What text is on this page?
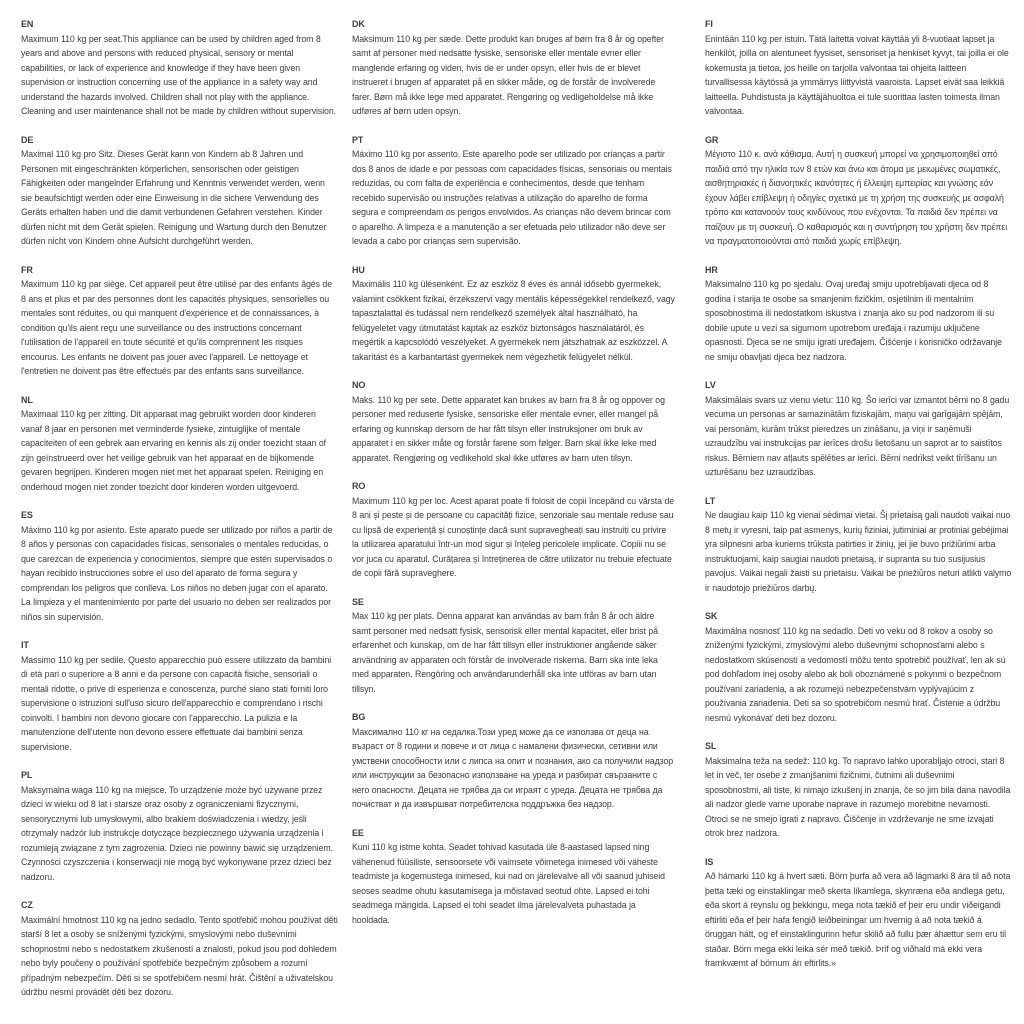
EN

Maximum 110 kg per seat.This appliance can be used by children aged from 8 years and above and persons with reduced physical, sensory or mental capabilities, or lack of experience and knowledge if they have been given supervision or instruction concerning use of the appliance in a safety way and understand the hazards involved. Children shall not play with the appliance. Cleaning and user maintenance shall not be made by children without supervision.

DE

Maximal 110 kg pro Sitz. Dieses Gerät kann von Kindern ab 8 Jahren und Personen mit eingeschränkten körperlichen, sensorischen oder geistigen Fähigkeiten oder mangelnder Erfahrung und Kenntnis verwendet werden, wenn sie beaufsichtigt werden oder eine Einweisung in die sichere Verwendung des Geräts erhalten haben und die damit verbundenen Gefahren verstehen. Kinder dürfen nicht mit dem Gerät spielen. Reinigung und Wartung durch den Benutzer dürfen nicht von Kindern ohne Aufsicht durchgeführt werden.

FR

Maximum 110 kg par siège. Cet appareil peut être utilisé par des enfants âgés de 8 ans et plus et par des personnes dont les capacités physiques, sensorielles ou mentales sont réduites, ou qui manquent d'expérience et de connaissances, à condition qu'ils aient reçu une surveillance ou des instructions concernant l'utilisation de l'appareil en toute sécurité et qu'ils comprennent les risques encourus. Les enfants ne doivent pas jouer avec l'appareil. Le nettoyage et l'entretien ne doivent pas être effectués par des enfants sans surveillance.

NL

Maximaal 110 kg per zitting. Dit apparaat mag gebruikt worden door kinderen vanaf 8 jaar en personen met verminderde fysieke, zintuiglijke of mentale capaciteiten of een gebrek aan ervaring en kennis als zij onder toezicht staan of zijn geïnstrueerd over het veilige gebruik van het apparaat en de bijkomende gevaren begrijpen. Kinderen mogen niet met het apparaat spelen. Reiniging en onderhoud mogen niet zonder toezicht door kinderen worden uitgevoerd.

ES

Máximo 110 kg por asiento. Este aparato puede ser utilizado por niños a partir de 8 años y personas con capacidades físicas, sensoriales o mentales reducidas, o que carezcan de experiencia y conocimientos, siempre que estén supervisados o hayan recibido instrucciones sobre el uso del aparato de forma segura y comprendan los peligros que conlleva. Los niños no deben jugar con el aparato. La limpieza y el mantenimiento por parte del usuario no deben ser realizados por niños sin supervisión.

IT

Massimo 110 kg per sedile. Questo apparecchio può essere utilizzato da bambini di età pari o superiore a 8 anni e da persone con capacità fisiche, sensoriali o mentali ridotte, o prive di esperienza e conoscenza, purché siano stati forniti loro supervisione o istruzioni sull'uso sicuro dell'apparecchio e comprendano i rischi coinvolti. I bambini non devono giocare con l'apparecchio. La pulizia e la manutenzione dell'utente non devono essere effettuate dai bambini senza supervisione.

PL

Maksymalna waga 110 kg na miejsce. To urządzenie może być używane przez dzieci w wieku od 8 lat i starsze oraz osoby z ograniczeniami fizycznymi, sensorycznymi lub umysłowymi, albo brakiem doświadczenia i wiedzy, jeśli otrzymały nadzór lub instrukcje dotyczące bezpiecznego używania urządzenia i rozumieją związane z tym zagrożenia. Dzieci nie powinny bawić się urządzeniem. Czynności czyszczenia i konserwacji nie mogą być wykonywane przez dzieci bez nadzoru.

CZ

Maximální hmotnost 110 kg na jedno sedadlo. Tento spotřebič mohou používat děti starší 8 let a osoby se sníženými fyzickými, smyslovými nebo duševními schopnostmi nebo s nedostatkem zkušeností a znalostí, pokud jsou pod dohledem nebo byly poučeny o používání spotřebiče bezpečným způsobem a rozumí případným nebezpečím. Děti si se spotřebičem nesmí hrát. Čištění a uživatelskou údržbu nesmí provádět děti bez dozoru.

DK

Maksimum 110 kg per sæde. Dette produkt kan bruges af børn fra 8 år og opefter samt af personer med nedsatte fysiske, sensoriske eller mentale evner eller manglende erfaring og viden, hvis de er under opsyn, eller hvis de er blevet instrueret i brugen af apparatet på en sikker måde, og de forstår de involverede farer. Børn må ikke lege med apparatet. Rengøring og vedligeholdelse må ikke udføres af børn uden opsyn.

PT

Máximo 110 kg por assento. Este aparelho pode ser utilizado por crianças a partir dos 8 anos de idade e por pessoas com capacidades físicas, sensoriais ou mentais reduzidas, ou com falta de experiência e conhecimentos, desde que tenham recebido supervisão ou instruções relativas à utilização do aparelho de forma segura e compreendam os perigos envolvidos. As crianças não devem brincar com o aparelho. A limpeza e a manutenção a ser efetuada pelo utilizador não deve ser levada a cabo por crianças sem supervisão.

HU

Maximális 110 kg ülésenként. Ez az eszköz 8 éves és annál idősebb gyermekek, valamint csökkent fizikai, érzékszervi vagy mentális képességekkel rendelkező, vagy tapasztalattal és tudással nem rendelkező személyek által használható, ha felügyeletet vagy útmutatást kaptak az eszköz biztonságos használatáról, és megértik a kapcsolódó veszélyeket. A gyermekek nem játszhatnak az eszközzel. A takarítást és a karbantartást gyermekek nem végezhetik felügyelet nélkül.

NO

Maks. 110 kg per sete. Dette apparatet kan brukes av barn fra 8 år og oppover og personer med reduserte fysiske, sensoriske eller mentale evner, eller mangel på erfaring og kunnskap dersom de har fått tilsyn eller instruksjoner om bruk av apparatet i en sikker måte og forstår farene som følger. Barn skal ikke leke med apparatet. Rengjøring og vedlikehold skal ikke utføres av barn uten tilsyn.

RO

Maximum 110 kg per loc. Acest aparat poate fi folosit de copii începând cu vârsta de 8 ani și peste și de persoane cu capacități fizice, senzoriale sau mentale reduse sau cu lipsă de experiență și cunoștințe dacă sunt supravegheați sau instruiți cu privire la utilizarea aparatului într-un mod sigur și înțeleg pericolele implicate. Copiii nu se vor juca cu aparatul. Curățarea și întreținerea de către utilizator nu trebuie efectuate de copii fără supraveghere.

SE

Max 110 kg per plats. Denna apparat kan användas av barn från 8 år och äldre samt personer med nedsatt fysisk, sensorisk eller mental kapacitet, eller brist på erfarenhet och kunskap, om de har fått tillsyn eller instruktioner angående säker användning av apparaten och förstår de involverade riskerna. Barn ska inte leka med apparaten. Rengöring och användarunderhåll ska inte utföras av barn utan tillsyn.

BG

Максимално 110 кг на седалка.Този уред може да се използва от деца на възраст от 8 години и повече и от лица с намалени физически, сетивни или умствени способности или с липса на опит и познания, ако са получили надзор или инструкции за безопасно използване на уреда и разбират свързаните с него опасности. Децата не трябва да си играят с уреда. Децата не трябва да почистват и да извършват потребителска поддръжка без надзор.

EE

Kuni 110 kg istme kohta. Seadet tohivad kasutada üle 8-aastased lapsed ning vähenenud füüsiliste, sensoorsete või vaimsete võimetega inimesed või väheste teadmiste ja kogemustega inimesed, kui nad on järelevalve all või saanud juhiseid seoses seadme ohutu kasutamisega ja mõistavad seotud ohte. Lapsed ei tohi seadmega mängida. Lapsed ei tohi seadet ilma järelevalveta puhastada ja hooldada.

FI

Enintään 110 kg per istuin. Tätä laitetta voivat käyttää yli 8-vuotiaat lapset ja henkilöt, joilla on alentuneet fyysiset, sensoriset ja henkiset kyvyt, tai joilla ei ole kokemusta ja tietoa, jos heille on tarjolla valvontaa tai ohjeita laitteen turvallisessa käytössä ja ymmärrys liittyvistä vaaroista. Lapset eivät saa leikkiä laitteella. Puhdistusta ja käyttäjähuoltoa ei tule suorittaa lasten toimesta ilman valvontaa.

GR

Μέγιστο 110 κ. ανά κάθισμα. Αυτή η συσκευή μπορεί να χρησιμοποιηθεί από παιδιά από την ηλικία των 8 ετών και άνω και άτομα με μειωμένες σωματικές, αισθητηριακές ή διανοητικές ικανότητες ή έλλειψη εμπειρίας και γνώσης εάν έχουν λάβει επίβλεψη ή οδηγίες σχετικά με τη χρήση της συσκευής με ασφαλή τρόπο και κατανοούν τους κινδύνους που ενέχονται. Τα παιδιά δεν πρέπει να παίζουν με τη συσκευή. Ο καθαρισμός και η συντήρηση του χρήστη δεν πρέπει να πραγματοποιούνται από παιδιά χωρίς επίβλεψη.

HR

Maksimalno 110 kg po sjedalu. Ovaj uređaj smiju upotrebljavati djeca od 8 godina i starija te osobe sa smanjenim fizičkim, osjetilnim ili mentalnim sposobnostima ili nedostatkom iskustva i znanja ako su pod nadzorom ili su dobile upute u vezi sa sigurnom upotrebom uređaja i razumiju uključene opasnosti. Djeca se ne smiju igrati uređajem. Čišćenje i korisničko održavanje ne smiju obavljati djeca bez nadzora.

LV

Maksimālais svars uz vienu vietu: 110 kg. Šo ierīci var izmantot bērni no 8 gadu vecuma un personas ar samazinātām fiziskajām, maņu vai garīgajām spējām, vai personām, kurām trūkst pieredzes un zināšanu, ja viņi ir saņēmuši uzraudzību vai instrukcijas par ierīces drošu lietošanu un saprot ar to saistītos riskus. Bērniem nav atļauts spēlēties ar ierīci. Bērni nedrīkst veikt tīrīšanu un uzturēšanu bez uzraudzības.

LT

Ne daugiau kaip 110 kg vienai sėdimai vietai. Šį prietaisą gali naudoti vaikai nuo 8 metų ir vyresni, taip pat asmenys, kurių fiziniai, jutiminiai ar protiniai gebėjimai yra silpnesni arba kuriems trūksta patirties ir žinių, jei jie buvo prižiūrimi arba instruktuojami, kaip saugiai naudoti prietaisą, ir supranta su tuo susijusius pavojus. Vaikai negali žaisti su prietaisu. Vaikai be priežiūros neturi atlikti valymo ir naudotojo priežiūros darbų.

SK

Maximálna nosnosť 110 kg na sedadlo. Deti vo veku od 8 rokov a osoby so zníženými fyzickými, zmyslovými alebo duševnými schopnosťami alebo s nedostatkom skúseností a vedomostí môžu tento spotrebič používať, len ak sú pod dohľadom inej osoby alebo ak boli oboznámené s pokynmi o bezpečnom používaní zariadenia, a ak rozumejú nebezpečenstvám vyplývajúcim z používania zariadenia. Deti sa so spotrebičom nesmú hrať. Čistenie a údržbu nesmú vykonávať deti bez dozoru.

SL

Maksimalna teža na sedež: 110 kg. To napravo lahko uporabljajo otroci, stari 8 let in več, ter osebe z zmanjšanimi fizičnimi, čutnimi ali duševnimi sposobnostmi, ali tiste, ki nimajo izkušenj in znanja, če so jim bila dana navodila ali nadzor glede varne uporabe naprave in razumejo morebitne nevarnosti. Otroci se ne smejo igrati z napravo. Čiščenje in vzdrževanje ne sme izvajati otrok brez nadzora.

IS

Að hámarki 110 kg á hvert sæti. Börn þurfa að vera að lágmarki 8 ára til að nota þetta tæki og einstaklingar með skerta líkamlega, skynræna eða andlega getu, eða skort á reynslu og þekkingu, mega nota tækið ef þeir eru undir viðeigandi eftirliti eða ef þeir hafa fengið leiðbeiningar um hvernig á að nota tækið á öruggan hátt, og ef einstaklingurinn hefur skilið að fullu þær áhættur sem eru til staðar. Börn mega ekki leika sér með tækið. Þrif og viðhald má ekki vera framkvæmt af börnum án eftirlits.»
